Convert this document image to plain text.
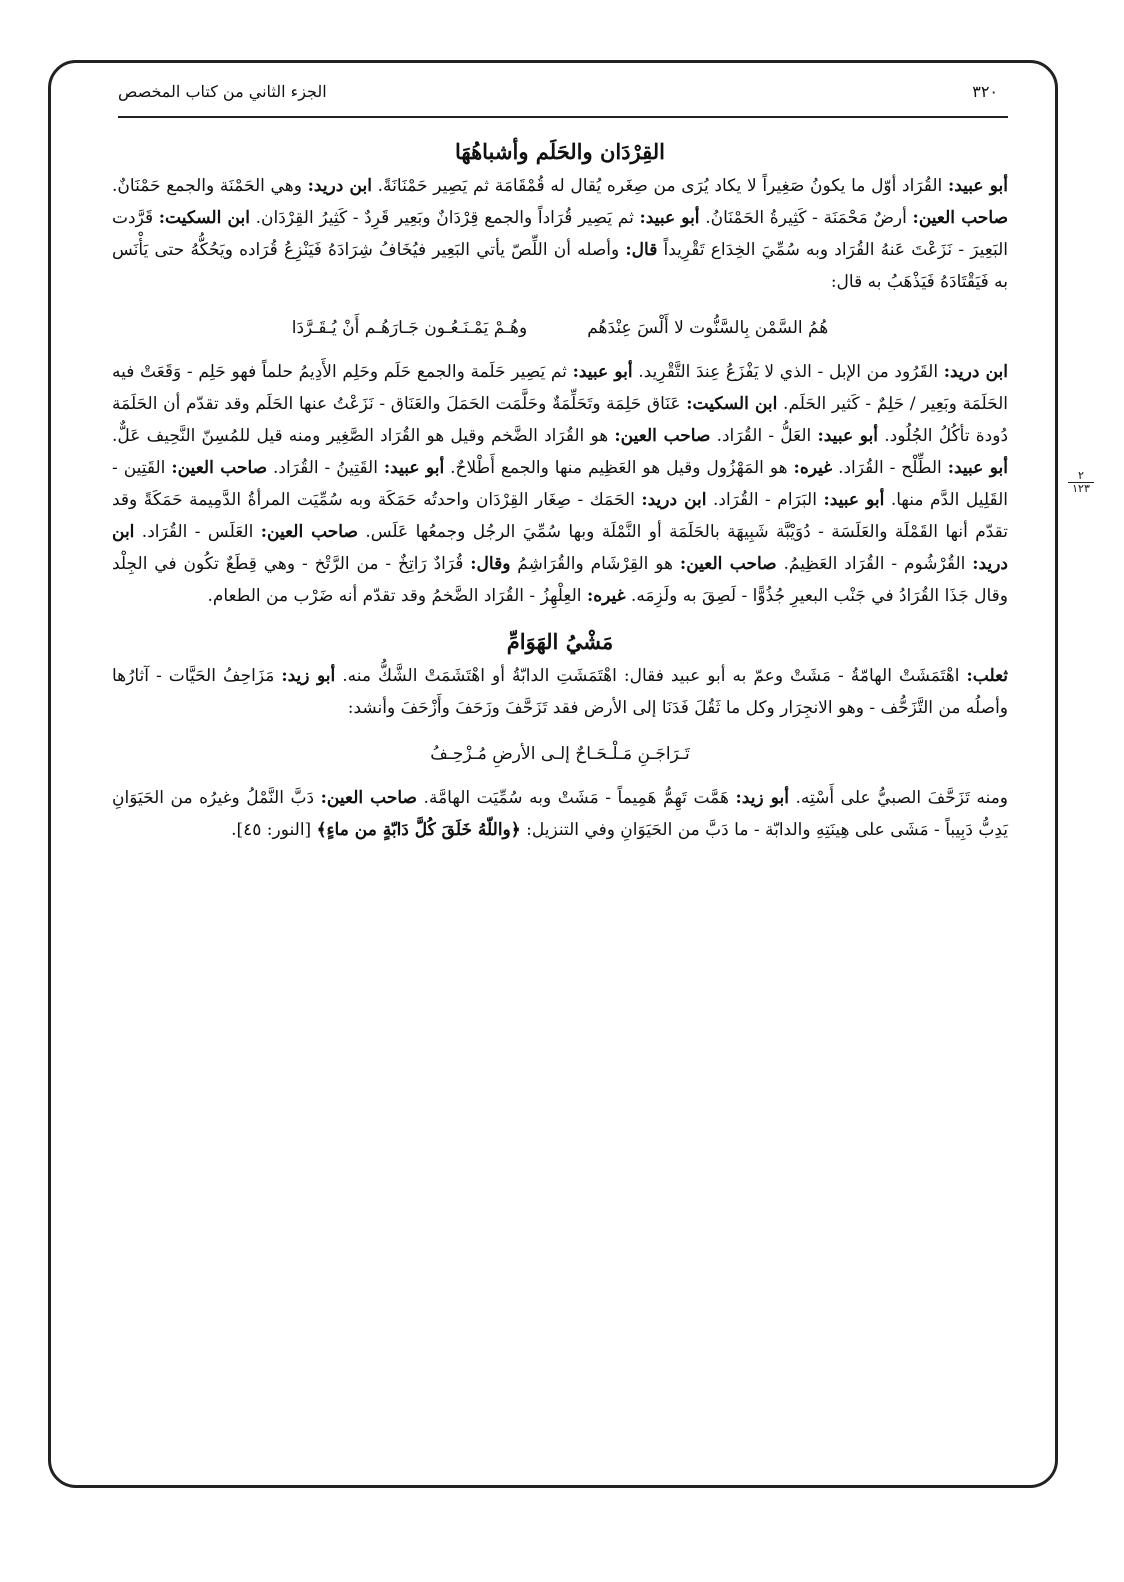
٣٢٠
الجزء الثاني من كتاب المخصص
٢
١٢٣
القِرْدَان والحَلَم وأشباهُهَا
أبو عبيد: القُرَاد أوّل ما يكونُ صَغِيراً لا يكاد يُرَى من صِغَره يُقال له قُمْقَامَة ثم يَصِير حَمْنَانَةً. ابن دريد: وهي الحَمْنَة والجمع حَمْنَانٌ. صاحب العين: أرضٌ مَحْمَنَة - كَثِيرةُ الحَمْنَانُ. أبو عبيد: ثم يَصِير قُرَاداً والجمع قِرْدَانٌ وبَعِير قَرِدٌ - كَثِيرُ القِرْدَان. ابن السكيت: قَرَّدت البَعِيرَ - نَزَعْتَ عَنهُ القُرَاد وبه سُمِّيَ الخِدَاع تَقْرِيداً قال: وأصله أن اللِّصّ يأتي البَعِير فيُخَافُ شِرَادَهُ فَيَنْزِعُ قُرَاده ويَحُكُّهُ حتى يَأْنَس به فَيَقْتَادَهُ فَيَذْهَبُ به قال:
هُمُ السَّمْن بِالسَّنُّوت لا أَلْسَ عِنْدَهُم
وهُـمْ يَمْـنَـعُـون جَـارَهُـم أَنْ يُـقَـرَّدَا
ابن دريد: القَرُود من الإبل - الذي لا يَفْزَعُ عِندَ التَّقْرِيد. أبو عبيد: ثم يَصِير حَلَمة والجمع حَلَم وحَلِم الأَدِيمُ حلماً فهو حَلِم - وَقَعَتْ فيه الحَلَمَة وبَعِير / حَلِمٌ - كَثير الحَلَم. ابن السكيت: عَنَاق حَلِمَة وتَحَلِّمَةٌ وحَلَّمَت الحَمَلَ والعَنَاق - نَزَعْتُ عنها الحَلَم وقد تقدّم أن الحَلَمَة دُودة تأكُلُ الجُلُود. أبو عبيد: العَلُّ - القُرَاد. صاحب العين: هو القُرَاد الضَّخم وقيل هو القُرَاد الصَّغِير ومنه قيل للمُسِنّ النَّحِيف عَلٌّ. أبو عبيد: الطِّلْح - القُرَاد. غيره: هو المَهْزُول وقيل هو العَظِيم منها والجمع أَطْلاحٌ. أبو عبيد: القَتِينُ - القُرَاد. صاحب العين: القَتِين - القَلِيل الدَّم منها. أبو عبيد: البَرَام - القُرَاد. ابن دريد: الحَمَك - صِغَار القِرْدَان واحدتُه حَمَكَة وبه سُمِّيَت المرأةُ الدَّمِيمة حَمَكَةً وقد تقدّم أنها القَمْلَة والعَلَسَة - دُوَيْبَّة شَبِيهَة بالحَلَمَة أو النَّمْلَة وبها سُمِّيَ الرجُل وجمعُها عَلَس. صاحب العين: العَلَس - القُرَاد. ابن دريد: القُرْشُوم - القُرَاد العَظِيمُ. صاحب العين: هو القِرْشَام والقُرَاشِمُ وقال: قُرَادٌ رَاتِخٌ - من الرَّتْخ - وهي قِطَعٌ تكُون في الجِلْد وقال جَذَا القُرَادُ في جَنْب البعيرِ جُذُوًّا - لَصِقَ به ولَزِمَه. غيره: العِلْهِزُ - القُرَاد الضَّخمُ وقد تقدّم أنه ضَرْب من الطعام.
مَشْيُ الهَوَامِّ
ثعلب: اهْتَمَشَتْ الهامّةُ - مَشَتْ وعمّ به أبو عبيد فقال: اهْتَمَشَتِ الدابّةُ أو اهْتَشَمَتْ الشَّكُّ منه. أبو زيد: مَزَاحِفُ الحَيَّات - آثارُها وأصلُه من التَّزَحُّف - وهو الانجِرَار وكل ما ثَقُلَ فَدَنَا إلى الأرض فقد تَزَحَّفَ وزَحَفَ وأَزْحَفَ وأنشد:
تَـرَاجَـنِ مَـلْـحَـاحٌ إلـى الأرضِ مُـزْحِـفُ
ومنه تَزَحَّفَ الصبيُّ على أَسْتِه. أبو زيد: هَمَّت تَهِمُّ هَمِيماً - مَشَتْ وبه سُمِّيَت الهامَّة. صاحب العين: دَبَّ النَّمْلُ وغيرُه من الحَيَوَانِ يَدِبُّ دَبِيباً - مَشَى على هِينَتِهِ والدابّة - ما دَبَّ من الحَيَوَانِ وفي التنزيل: ﴿واللّهُ خَلَقَ كُلَّ دَابّةٍ من ماءٍ﴾ [النور: ٤٥].
